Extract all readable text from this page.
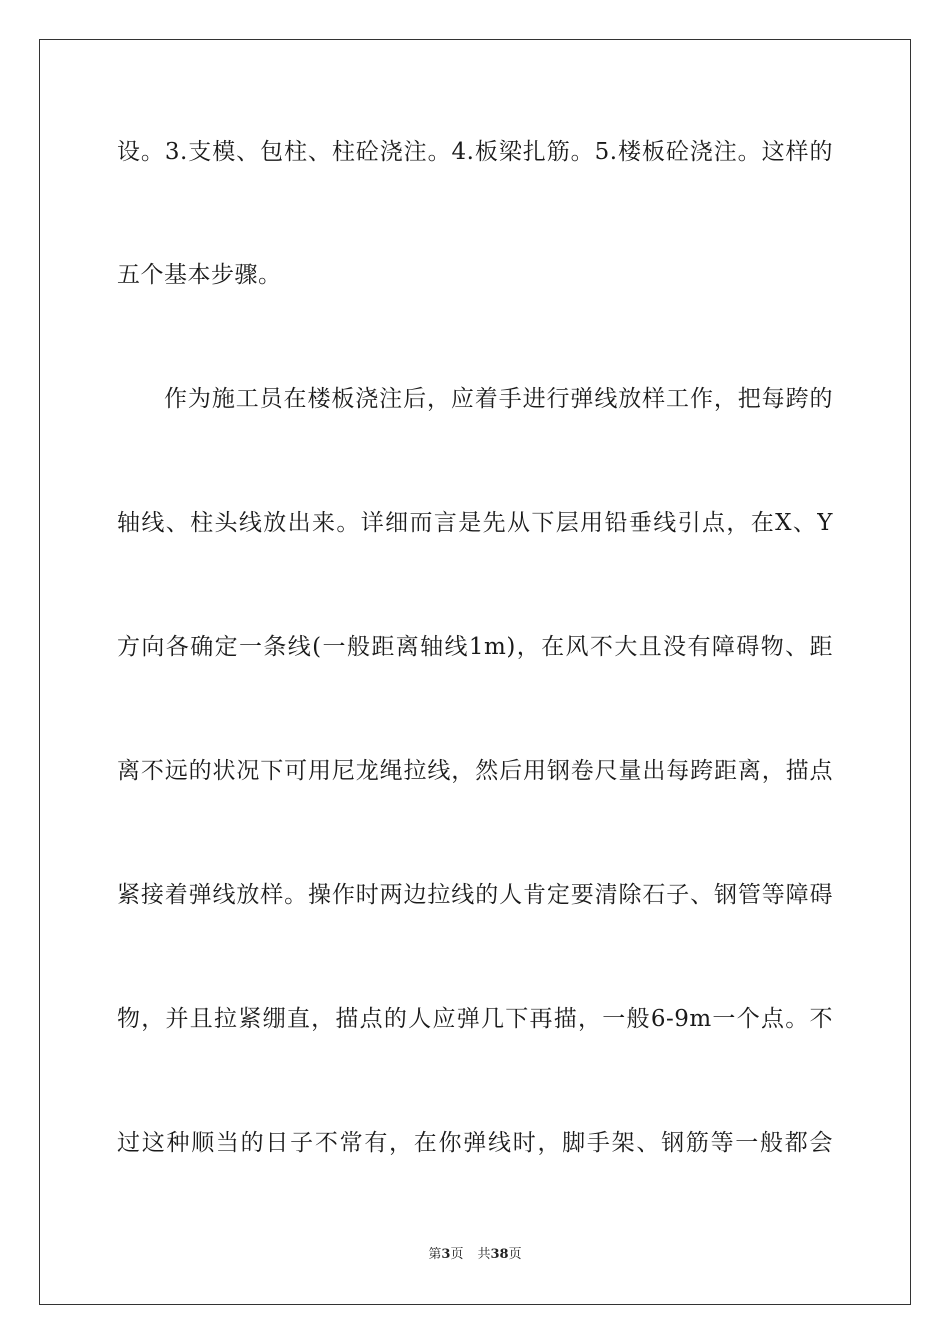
设。3.支模、包柱、柱砼浇注。4.板梁扎筋。5.楼板砼浇注。这样的
五个基本步骤。
作为施工员在楼板浇注后，应着手进行弹线放样工作，把每跨的
轴线、柱头线放出来。详细而言是先从下层用铅垂线引点，在X、Y
方向各确定一条线(一般距离轴线1m)，在风不大且没有障碍物、距
离不远的状况下可用尼龙绳拉线，然后用钢卷尺量出每跨距离，描点
紧接着弹线放样。操作时两边拉线的人肯定要清除石子、钢管等障碍
物，并且拉紧绷直，描点的人应弹几下再描，一般6-9m一个点。不
过这种顺当的日子不常有，在你弹线时，脚手架、钢筋等一般都会
第3页 共38页
